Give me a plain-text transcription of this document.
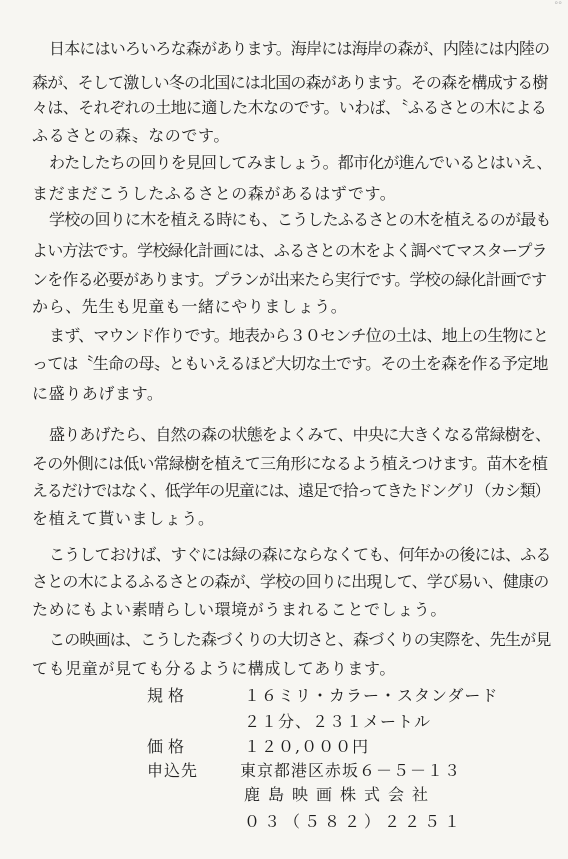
ᐤᐤ
日本にはいろいろな森があります。海岸には海岸の森が、内陸には内陸の
森が、そして激しい冬の北国には北国の森があります。その森を構成する樹
々は、それぞれの土地に適した木なのです。いわば、〝ふるさとの木による
ふるさとの森〟なのです。
わたしたちの回りを見回してみましょう。都市化が進んでいるとはいえ、
まだまだこうしたふるさとの森があるはずです。
学校の回りに木を植える時にも、こうしたふるさとの木を植えるのが最も
よい方法です。学校緑化計画には、ふるさとの木をよく調べてマスタープラ
ンを作る必要があります。プランが出来たら実行です。学校の緑化計画です
から、先生も児童も一緒にやりましょう。
まず、マウンド作りです。地表から３０センチ位の土は、地上の生物にと
っては〝生命の母〟ともいえるほど大切な土です。その土を森を作る予定地
に盛りあげます。
盛りあげたら、自然の森の状態をよくみて、中央に大きくなる常緑樹を、
その外側には低い常緑樹を植えて三角形になるよう植えつけます。苗木を植
えるだけではなく、低学年の児童には、遠足で拾ってきたドングリ（カシ類）
を植えて貰いましょう。
こうしておけば、すぐには緑の森にならなくても、何年かの後には、ふる
さとの木によるふるさとの森が、学校の回りに出現して、学び易い、健康の
ためにもよい素晴らしい環境がうまれることでしょう。
この映画は、こうした森づくりの大切さと、森づくりの実際を、先生が見
ても児童が見ても分るように構成してあります。
規格	１６ミリ・カラー・スタンダード
２１分、２３１メートル
価格	１２０,０００円
申込先	東京都港区赤坂６－５－１３
鹿島映画株式会社
０３（５８２）２２５１
